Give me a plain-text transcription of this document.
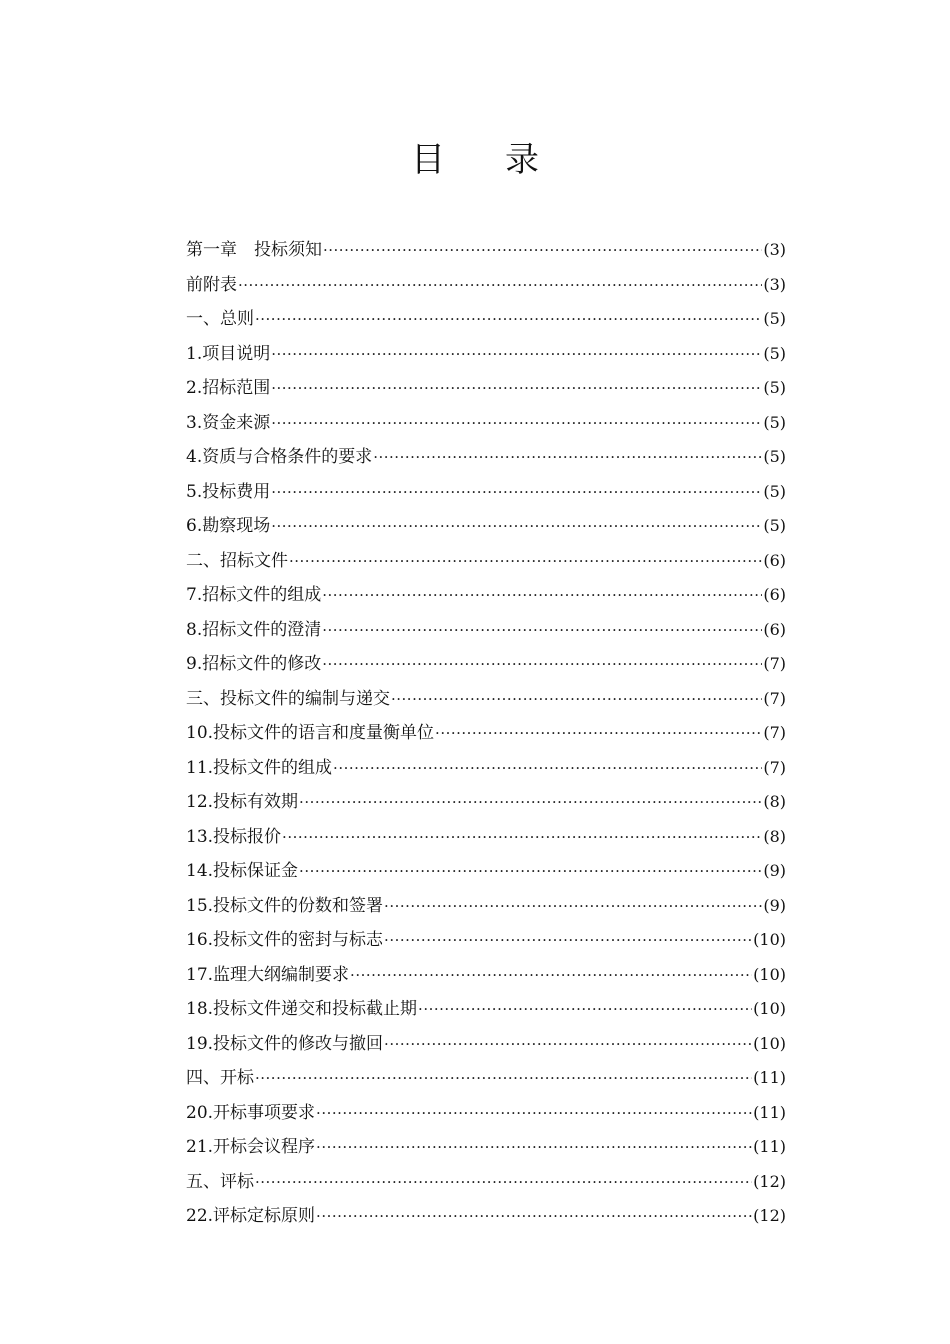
目录
第一章　投标须知 ·····	(3)
前附表 ·····	(3)
一、总则 ·····	(5)
1.项目说明 ·····	(5)
2.招标范围 ·····	(5)
3.资金来源 ·····	(5)
4.资质与合格条件的要求 ·····	(5)
5.投标费用 ·····	(5)
6.勘察现场 ·····	(5)
二、招标文件 ·····	(6)
7.招标文件的组成 ·····	(6)
8.招标文件的澄清 ·····	(6)
9.招标文件的修改 ·····	(7)
三、投标文件的编制与递交 ·····	(7)
10.投标文件的语言和度量衡单位 ·····	(7)
11.投标文件的组成 ·····	(7)
12.投标有效期 ·····	(8)
13.投标报价 ·····	(8)
14.投标保证金 ·····	(9)
15.投标文件的份数和签署 ·····	(9)
16.投标文件的密封与标志 ·····	(10)
17.监理大纲编制要求 ·····	(10)
18.投标文件递交和投标截止期 ·····	(10)
19.投标文件的修改与撤回 ·····	(10)
四、开标 ·····	(11)
20.开标事项要求 ·····	(11)
21.开标会议程序 ·····	(11)
五、评标 ·····	(12)
22.评标定标原则 ·····	(12)
